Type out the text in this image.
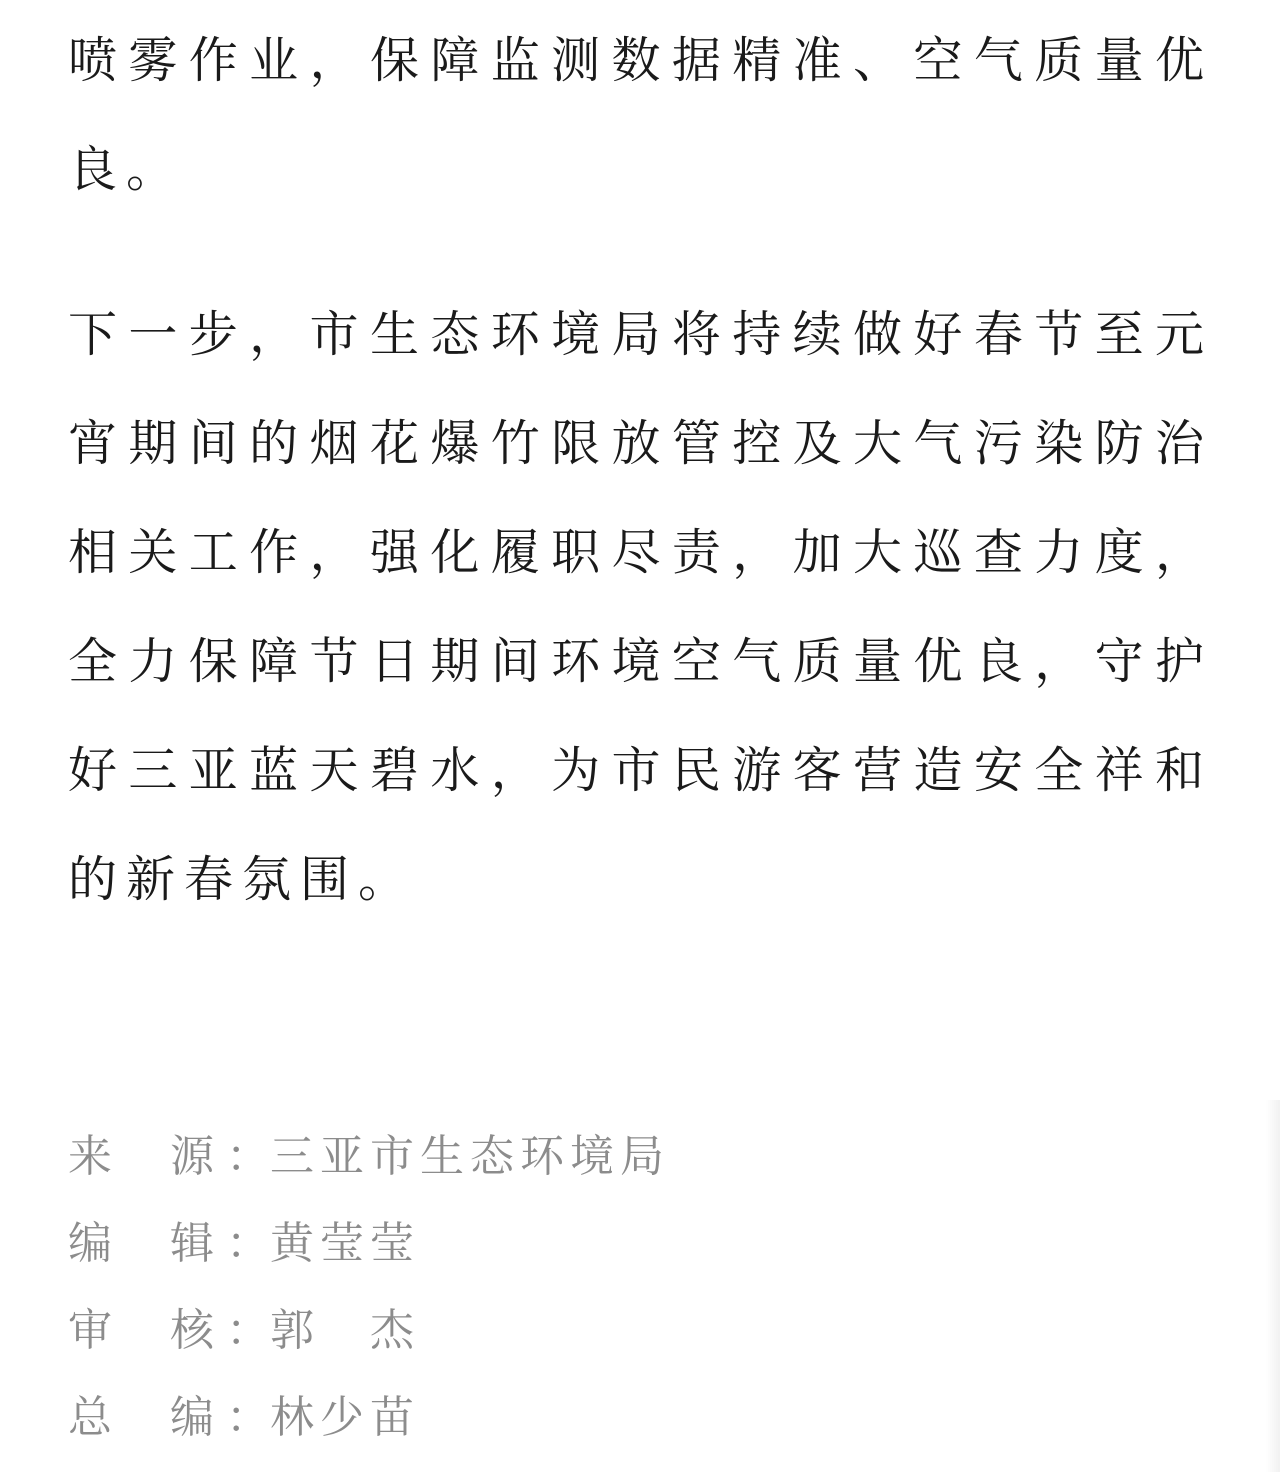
喷雾作业，保障监测数据精准、空气质量优良。

下一步，市生态环境局将持续做好春节至元宵期间的烟花爆竹限放管控及大气污染防治相关工作，强化履职尽责，加大巡查力度，全力保障节日期间环境空气质量优良，守护好三亚蓝天碧水，为市民游客营造安全祥和的新春氛围。

来 源 ： 三亚市生态环境局
编 辑 ： 黄莹莹
审 核 ： 郭　杰
总 编 ： 林少苗
